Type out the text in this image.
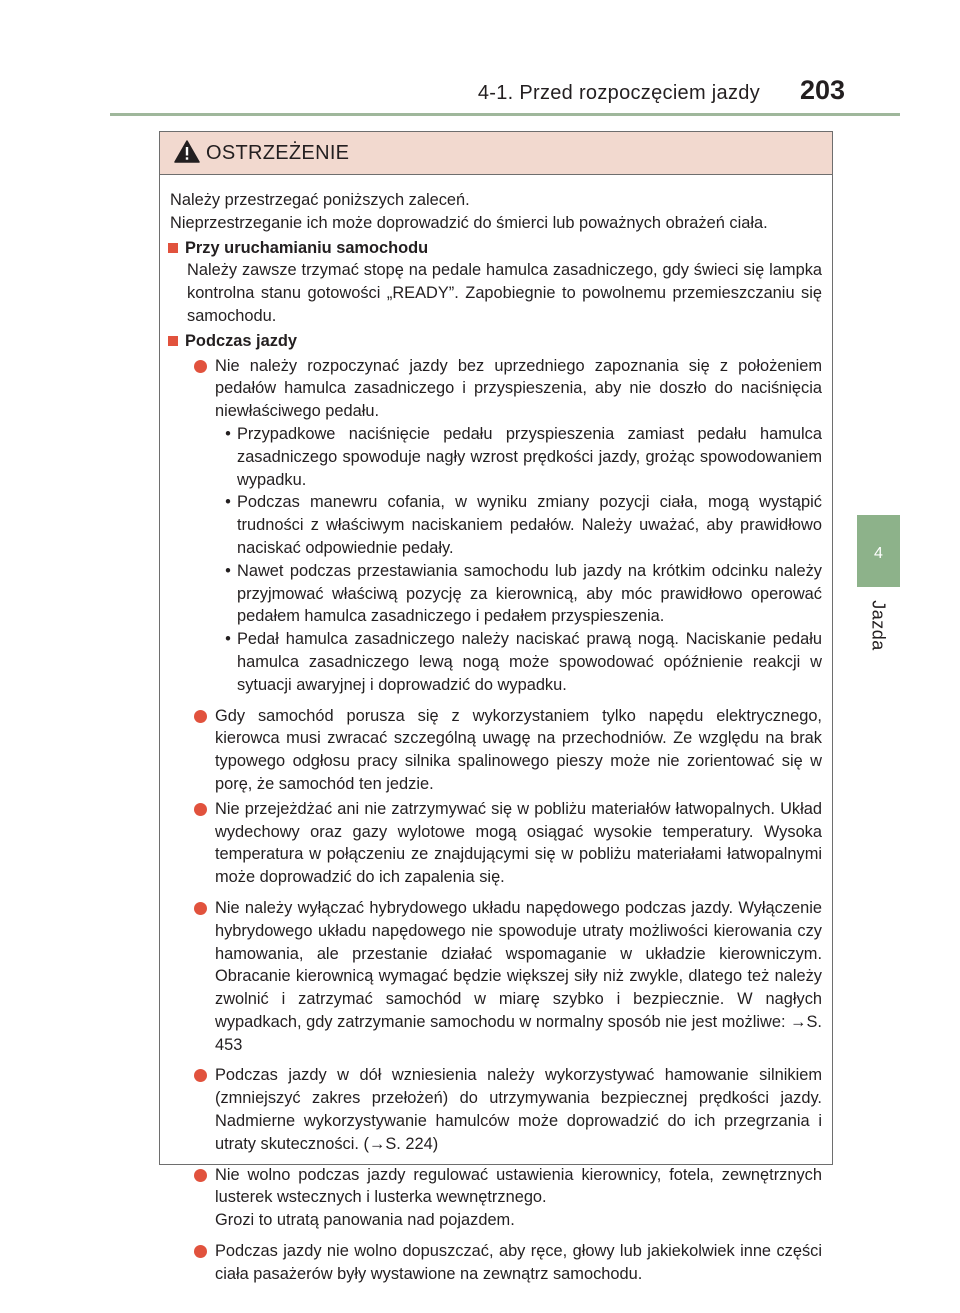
4-1. Przed rozpoczęciem jazdy 203
4
Jazda
OSTRZEŻENIE

Należy przestrzegać poniższych zaleceń.

Nieprzestrzeganie ich może doprowadzić do śmierci lub poważnych obrażeń ciała.

Przy uruchamianiu samochodu

Należy zawsze trzymać stopę na pedale hamulca zasadniczego, gdy świeci się lampka kontrolna stanu gotowości „READY”. Zapobiegnie to powolnemu przemieszczaniu się samochodu.

Podczas jazdy

Nie należy rozpoczynać jazdy bez uprzedniego zapoznania się z położeniem pedałów hamulca zasadniczego i przyspieszenia, aby nie doszło do naciśnięcia niewłaściwego pedału.

• Przypadkowe naciśnięcie pedału przyspieszenia zamiast pedału hamulca zasadniczego spowoduje nagły wzrost prędkości jazdy, grożąc spowodowaniem wypadku.
• Podczas manewru cofania, w wyniku zmiany pozycji ciała, mogą wystąpić trudności z właściwym naciskaniem pedałów. Należy uważać, aby prawidłowo naciskać odpowiednie pedały.
• Nawet podczas przestawiania samochodu lub jazdy na krótkim odcinku należy przyjmować właściwą pozycję za kierownicą, aby móc prawidłowo operować pedałem hamulca zasadniczego i pedałem przyspieszenia.
• Pedał hamulca zasadniczego należy naciskać prawą nogą. Naciskanie pedału hamulca zasadniczego lewą nogą może spowodować opóźnienie reakcji w sytuacji awaryjnej i doprowadzić do wypadku.

Gdy samochód porusza się z wykorzystaniem tylko napędu elektrycznego, kierowca musi zwracać szczególną uwagę na przechodniów. Ze względu na brak typowego odgłosu pracy silnika spalinowego pieszy może nie zorientować się w porę, że samochód ten jedzie.

Nie przejeżdżać ani nie zatrzymywać się w pobliżu materiałów łatwopalnych. Układ wydechowy oraz gazy wylotowe mogą osiągać wysokie temperatury. Wysoka temperatura w połączeniu ze znajdującymi się w pobliżu materiałami łatwopalnymi może doprowadzić do ich zapalenia się.

Nie należy wyłączać hybrydowego układu napędowego podczas jazdy. Wyłączenie hybrydowego układu napędowego nie spowoduje utraty możliwości kierowania czy hamowania, ale przestanie działać wspomaganie w układzie kierowniczym. Obracanie kierownicą wymagać będzie większej siły niż zwykle, dlatego też należy zwolnić i zatrzymać samochód w miarę szybko i bezpiecznie. W nagłych wypadkach, gdy zatrzymanie samochodu w normalny sposób nie jest możliwe: →S. 453

Podczas jazdy w dół wzniesienia należy wykorzystywać hamowanie silnikiem (zmniejszyć zakres przełożeń) do utrzymywania bezpiecznej prędkości jazdy. Nadmierne wykorzystywanie hamulców może doprowadzić do ich przegrzania i utraty skuteczności. (→S. 224)

Nie wolno podczas jazdy regulować ustawienia kierownicy, fotela, zewnętrznych lusterek wstecznych i lusterka wewnętrznego.

Grozi to utratą panowania nad pojazdem.

Podczas jazdy nie wolno dopuszczać, aby ręce, głowy lub jakiekolwiek inne części ciała pasażerów były wystawione na zewnątrz samochodu.
